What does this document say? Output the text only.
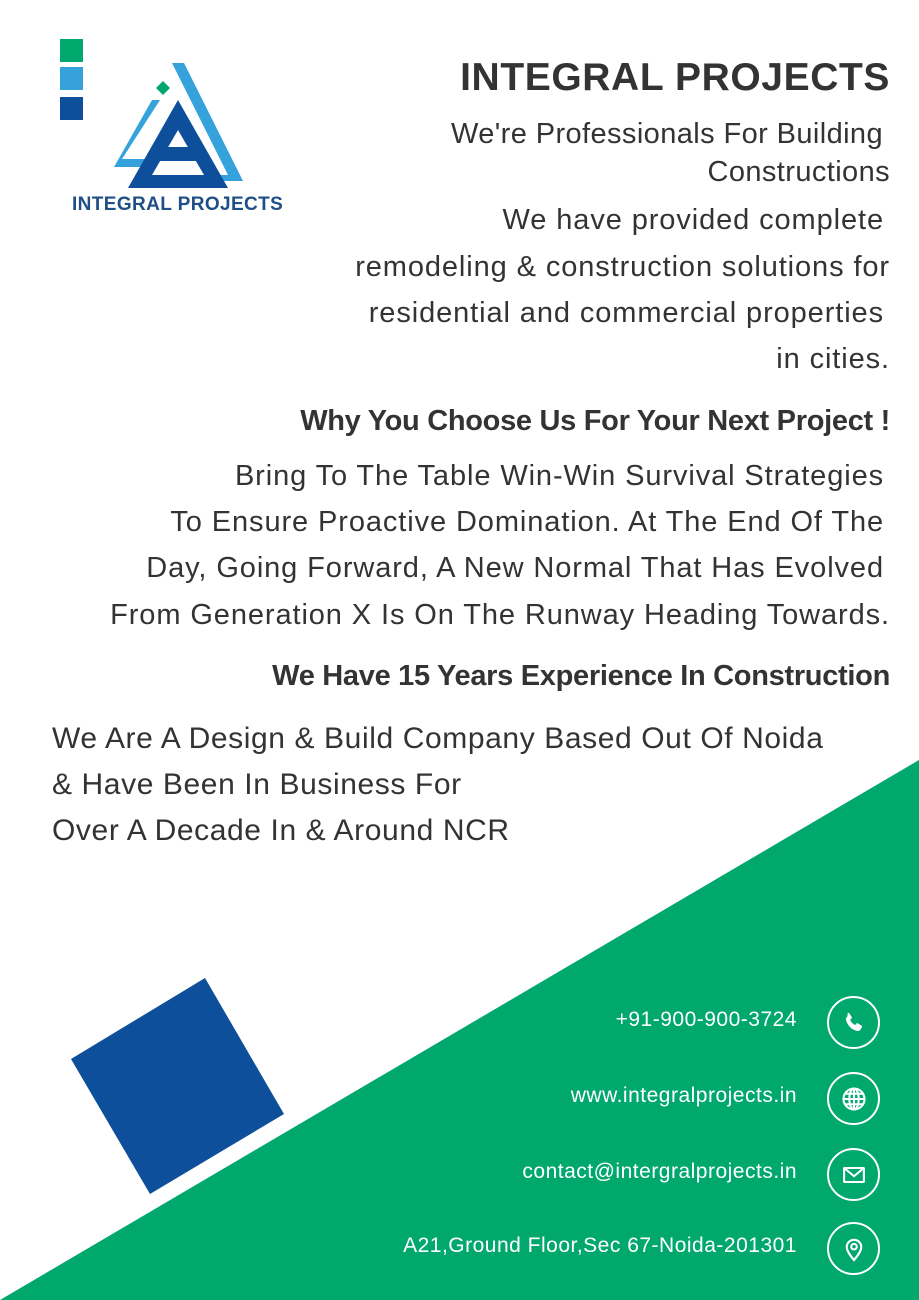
INTEGRAL PROJECTS
INTEGRAL PROJECTS
We're Professionals For Building
Constructions
We have provided complete
remodeling & construction solutions for
residential and commercial properties
in cities.
Why You Choose Us For Your Next Project !
Bring To The Table Win-Win Survival Strategies
To Ensure Proactive Domination. At The End Of The
Day, Going Forward, A New Normal That Has Evolved
From Generation X Is On The Runway Heading Towards.
We Have 15 Years Experience In Construction
We Are A Design & Build Company Based Out Of Noida
& Have Been In Business For
Over A Decade In & Around NCR
+91-900-900-3724
www.integralprojects.in
contact@intergralprojects.in
A21,Ground Floor,Sec 67-Noida-201301
